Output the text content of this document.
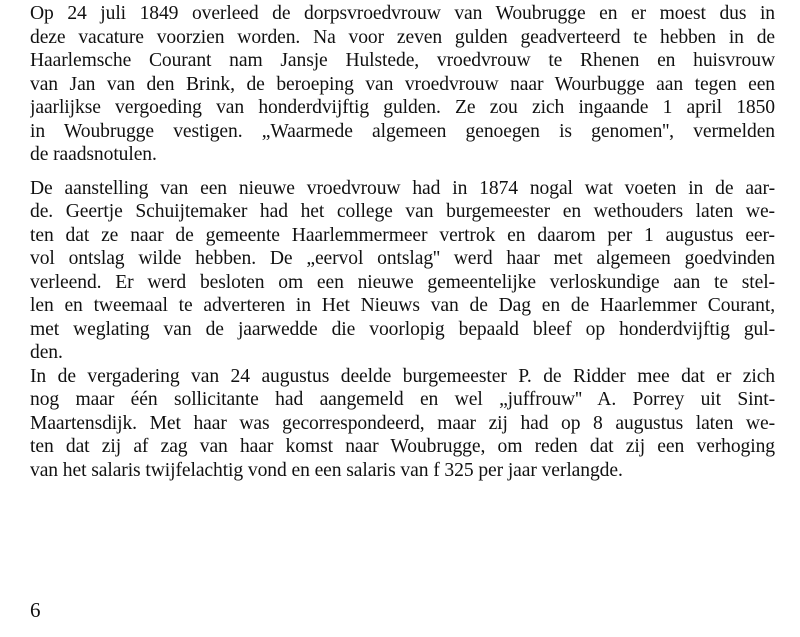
Op 24 juli 1849 overleed de dorpsvroedvrouw van Woubrugge en er moest dus in
deze vacature voorzien worden. Na voor zeven gulden geadverteerd te hebben in de
Haarlemsche Courant nam Jansje Hulstede, vroedvrouw te Rhenen en huisvrouw
van Jan van den Brink, de beroeping van vroedvrouw naar Wourbugge aan tegen een
jaarlijkse vergoeding van honderdvijftig gulden. Ze zou zich ingaande 1 april 1850
in Woubrugge vestigen. „Waarmede algemeen genoegen is genomen'', vermelden
de raadsnotulen.
De aanstelling van een nieuwe vroedvrouw had in 1874 nogal wat voeten in de aar-
de. Geertje Schuijtemaker had het college van burgemeester en wethouders laten we-
ten dat ze naar de gemeente Haarlemmermeer vertrok en daarom per 1 augustus eer-
vol ontslag wilde hebben. De „eervol ontslag'' werd haar met algemeen goedvinden
verleend. Er werd besloten om een nieuwe gemeentelijke verloskundige aan te stel-
len en tweemaal te adverteren in Het Nieuws van de Dag en de Haarlemmer Courant,
met weglating van de jaarwedde die voorlopig bepaald bleef op honderdvijftig gul-
den.
In de vergadering van 24 augustus deelde burgemeester P. de Ridder mee dat er zich
nog maar één sollicitante had aangemeld en wel „juffrouw'' A. Porrey uit Sint-
Maartensdijk. Met haar was gecorrespondeerd, maar zij had op 8 augustus laten we-
ten dat zij af zag van haar komst naar Woubrugge, om reden dat zij een verhoging
van het salaris twijfelachtig vond en een salaris van f 325 per jaar verlangde.
6
